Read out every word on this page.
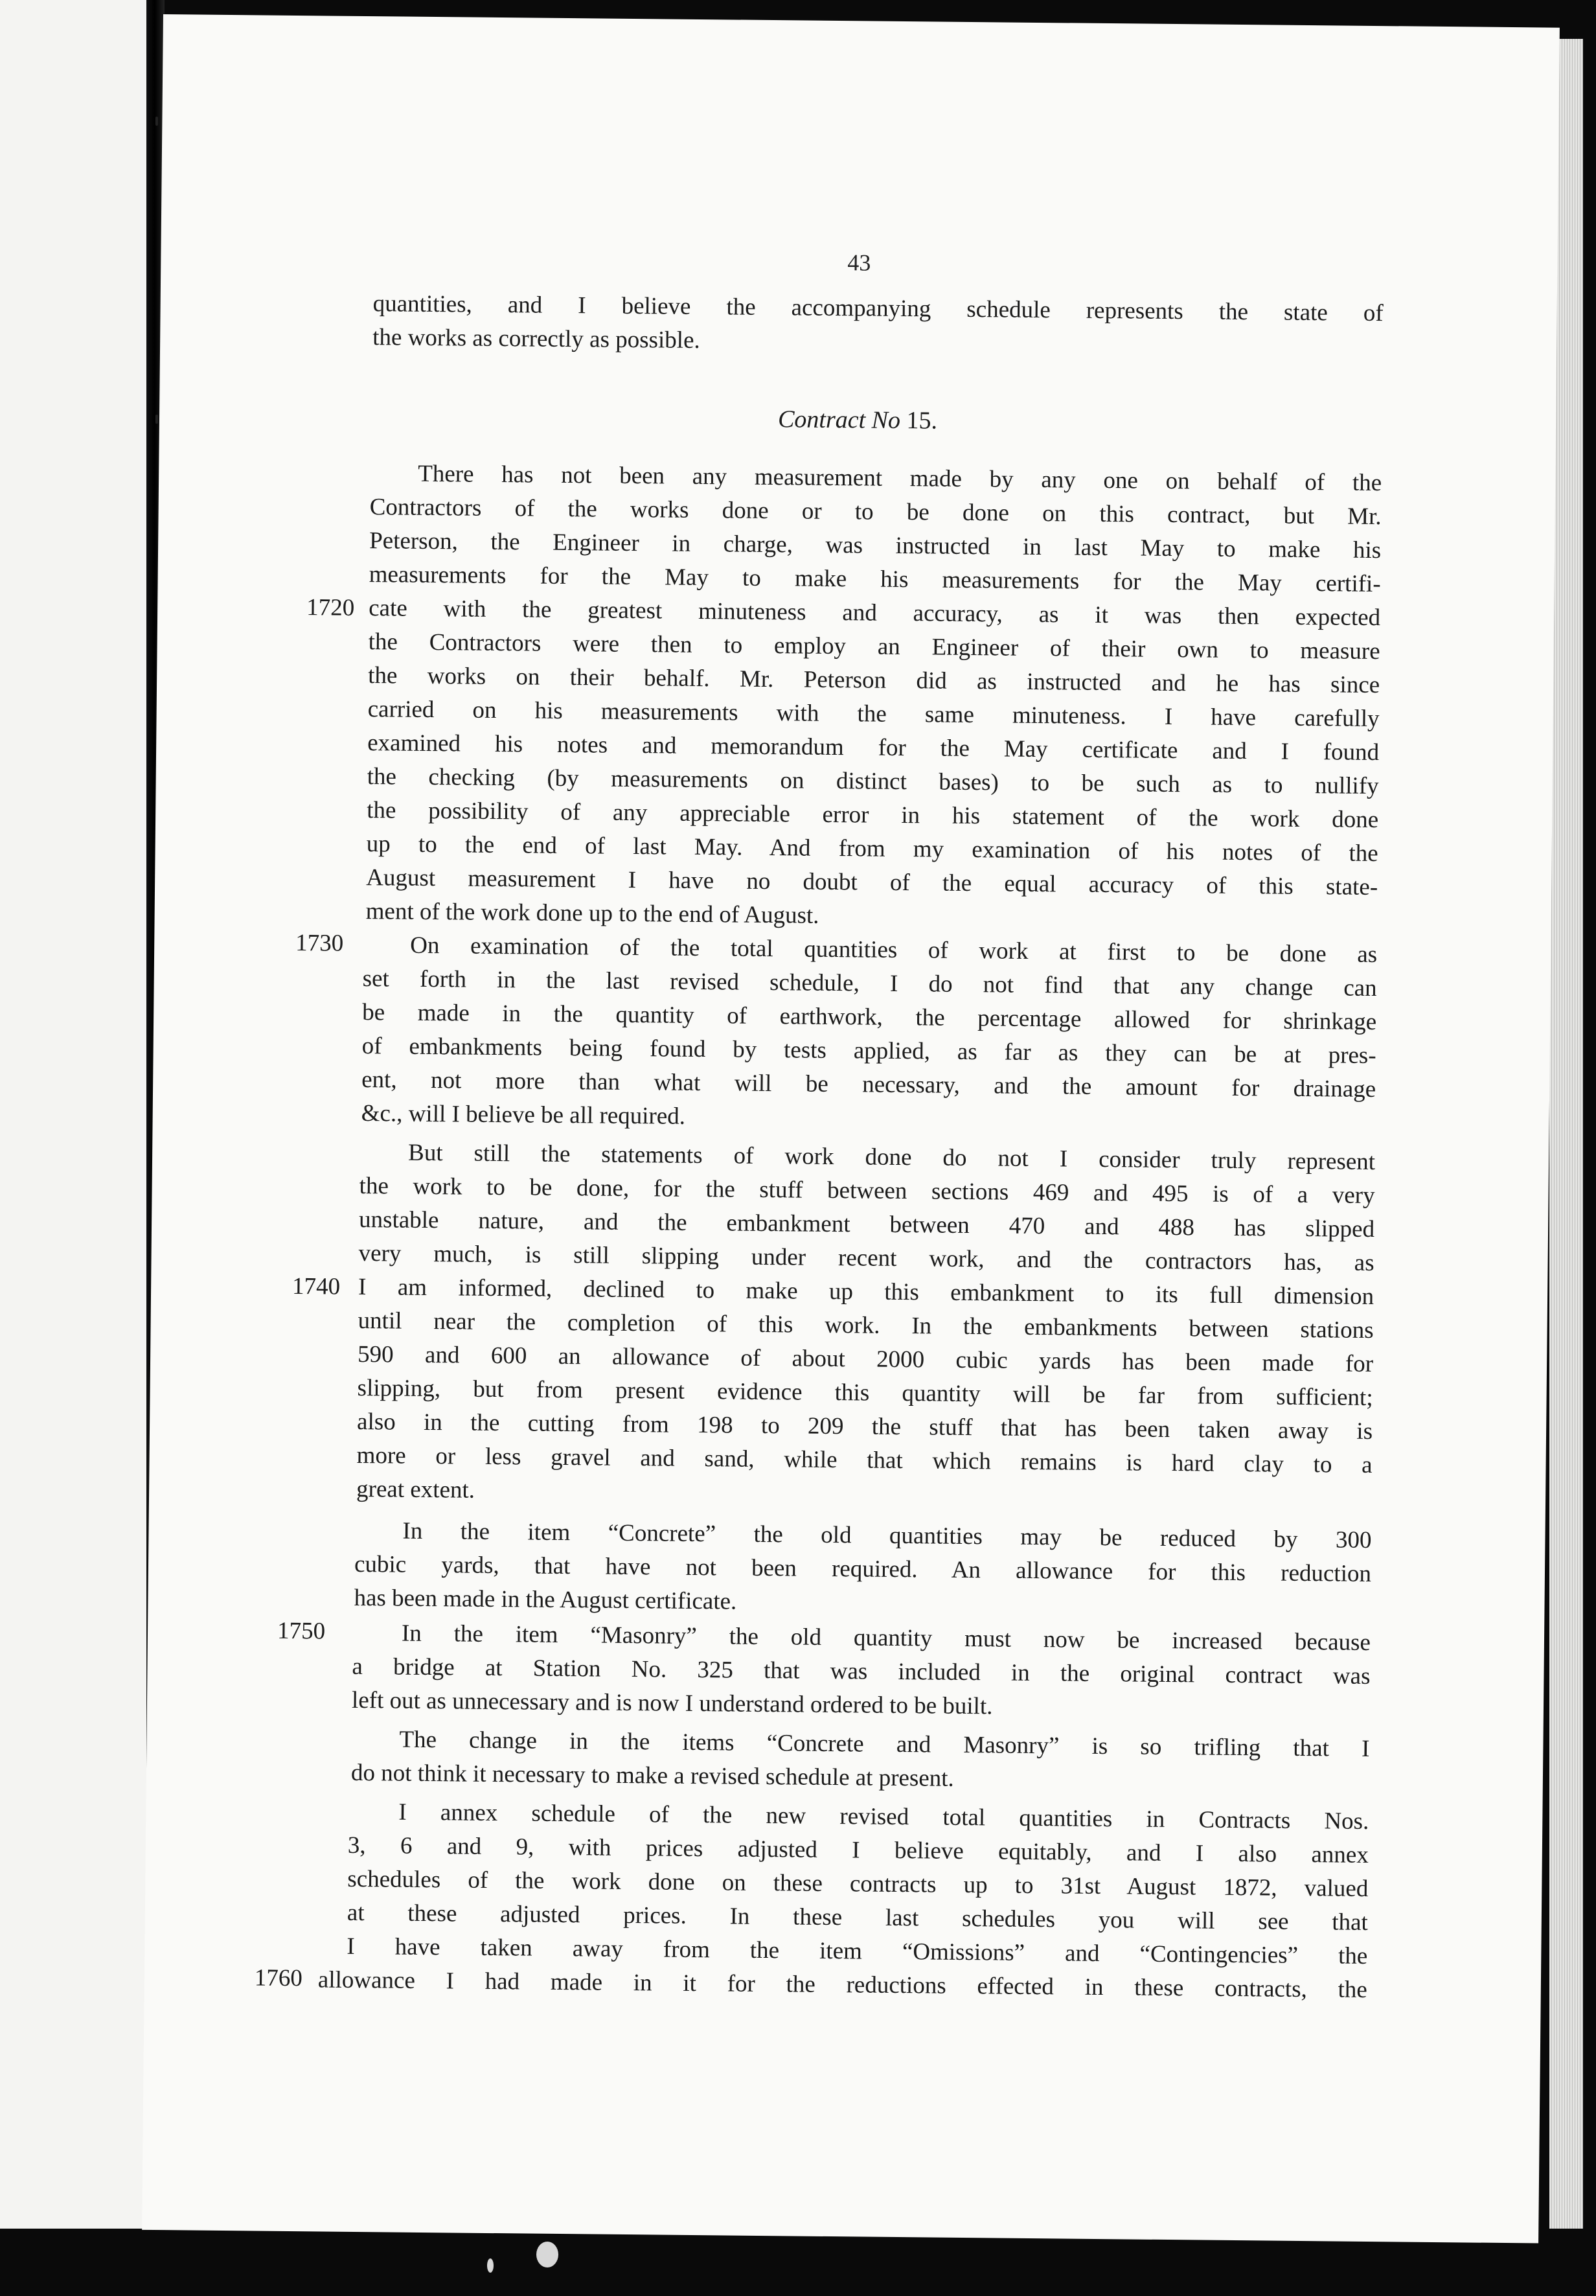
43
quantities, and I believe the accompanying schedule represents the state of
the works as correctly as possible.
Contract No 15.
There has not been any measurement made by any one on behalf of the
Contractors of the works done or to be done on this contract, but Mr.
Peterson, the Engineer in charge, was instructed in last May to make his
measurements for the May to make his measurements for the May certifi-
1720 cate with the greatest minuteness and accuracy, as it was then expected
the Contractors were then to employ an Engineer of their own to measure
the works on their behalf. Mr. Peterson did as instructed and he has since
carried on his measurements with the same minuteness. I have carefully
examined his notes and memorandum for the May certificate and I found
the checking (by measurements on distinct bases) to be such as to nullify
the possibility of any appreciable error in his statement of the work done
up to the end of last May. And from my examination of his notes of the
August measurement I have no doubt of the equal accuracy of this state-
ment of the work done up to the end of August.
1730	On examination of the total quantities of work at first to be done as
set forth in the last revised schedule, I do not find that any change can
be made in the quantity of earthwork, the percentage allowed for shrinkage
of embankments being found by tests applied, as far as they can be at pres-
ent, not more than what will be necessary, and the amount for drainage
&c., will I believe be all required.
But still the statements of work done do not I consider truly represent
the work to be done, for the stuff between sections 469 and 495 is of a very
unstable nature, and the embankment between 470 and 488 has slipped
very much, is still slipping under recent work, and the contractors has, as
1740 I am informed, declined to make up this embankment to its full dimension
until near the completion of this work. In the embankments between stations
590 and 600 an allowance of about 2000 cubic yards has been made for
slipping, but from present evidence this quantity will be far from sufficient;
also in the cutting from 198 to 209 the stuff that has been taken away is
more or less gravel and sand, while that which remains is hard clay to a
great extent.
In the item “Concrete” the old quantities may be reduced by 300
cubic yards, that have not been required. An allowance for this reduction
has been made in the August certificate.
1750	In the item “Masonry” the old quantity must now be increased because
a bridge at Station No. 325 that was included in the original contract was
left out as unnecessary and is now I understand ordered to be built.
The change in the items “Concrete and Masonry” is so trifling that I
do not think it necessary to make a revised schedule at present.
I annex schedule of the new revised total quantities in Contracts Nos.
3, 6 and 9, with prices adjusted I believe equitably, and I also annex
schedules of the work done on these contracts up to 31st August 1872, valued
at these adjusted prices. In these last schedules you will see that
I have taken away from the item “Omissions” and “Contingencies” the
1760 allowance I had made in it for the reductions effected in these contracts, the
